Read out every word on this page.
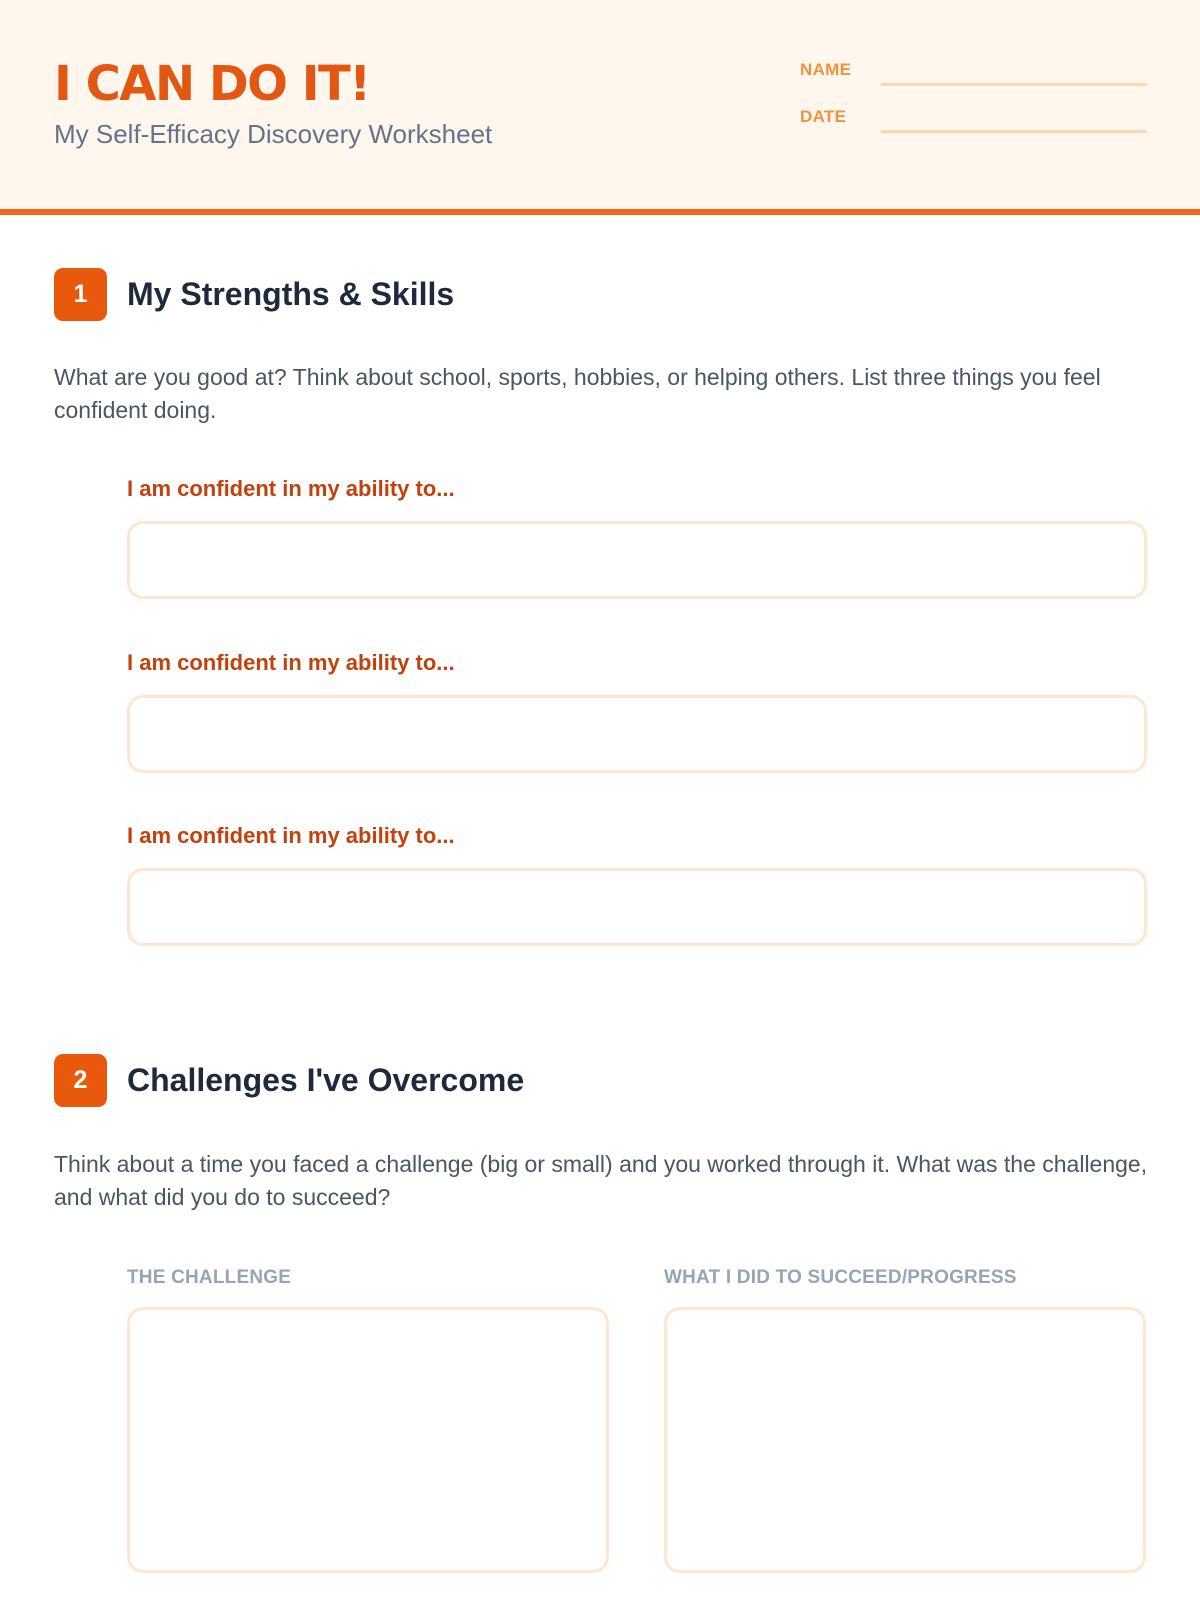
I CAN DO IT!
My Self-Efficacy Discovery Worksheet
NAME
DATE
1	My Strengths & Skills
What are you good at? Think about school, sports, hobbies, or helping others. List three things you feel confident doing.
I am confident in my ability to...
I am confident in my ability to...
I am confident in my ability to...
2	Challenges I've Overcome
Think about a time you faced a challenge (big or small) and you worked through it. What was the challenge, and what did you do to succeed?
THE CHALLENGE	WHAT I DID TO SUCCEED/PROGRESS
